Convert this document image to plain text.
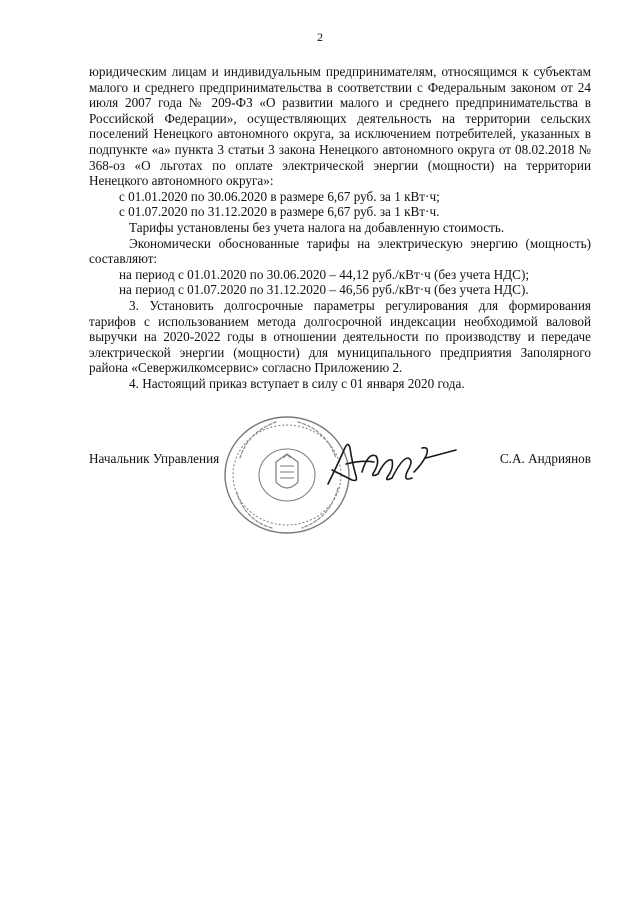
2

юридическим лицам и индивидуальным предпринимателям, относящимся к субъектам малого и среднего предпринимательства в соответствии с Федеральным законом от 24 июля 2007 года № 209-ФЗ «О развитии малого и среднего предпринимательства в Российской Федерации», осуществляющих деятельность на территории сельских поселений Ненецкого автономного округа, за исключением потребителей, указанных в подпункте «а» пункта 3 статьи 3 закона Ненецкого автономного округа от 08.02.2018 № 368-оз «О льготах по оплате электрической энергии (мощности) на территории Ненецкого автономного округа»:

с 01.01.2020 по 30.06.2020 в размере 6,67 руб. за 1 кВт·ч;

с 01.07.2020 по 31.12.2020 в размере 6,67 руб. за 1 кВт·ч.

Тарифы установлены без учета налога на добавленную стоимость.

Экономически обоснованные тарифы на электрическую энергию (мощность) составляют:

на период с 01.01.2020 по 30.06.2020 – 44,12 руб./кВт·ч (без учета НДС);

на период с 01.07.2020 по 31.12.2020 – 46,56 руб./кВт·ч (без учета НДС).

3. Установить долгосрочные параметры регулирования для формирования тарифов с использованием метода долгосрочной индексации необходимой валовой выручки на 2020-2022 годы в отношении деятельности по производству и передаче электрической энергии (мощности) для муниципального предприятия Заполярного района «Севержилкомсервис» согласно Приложению 2.

4. Настоящий приказ вступает в силу с 01 января 2020 года.

Начальник Управления	С.А. Андриянов
